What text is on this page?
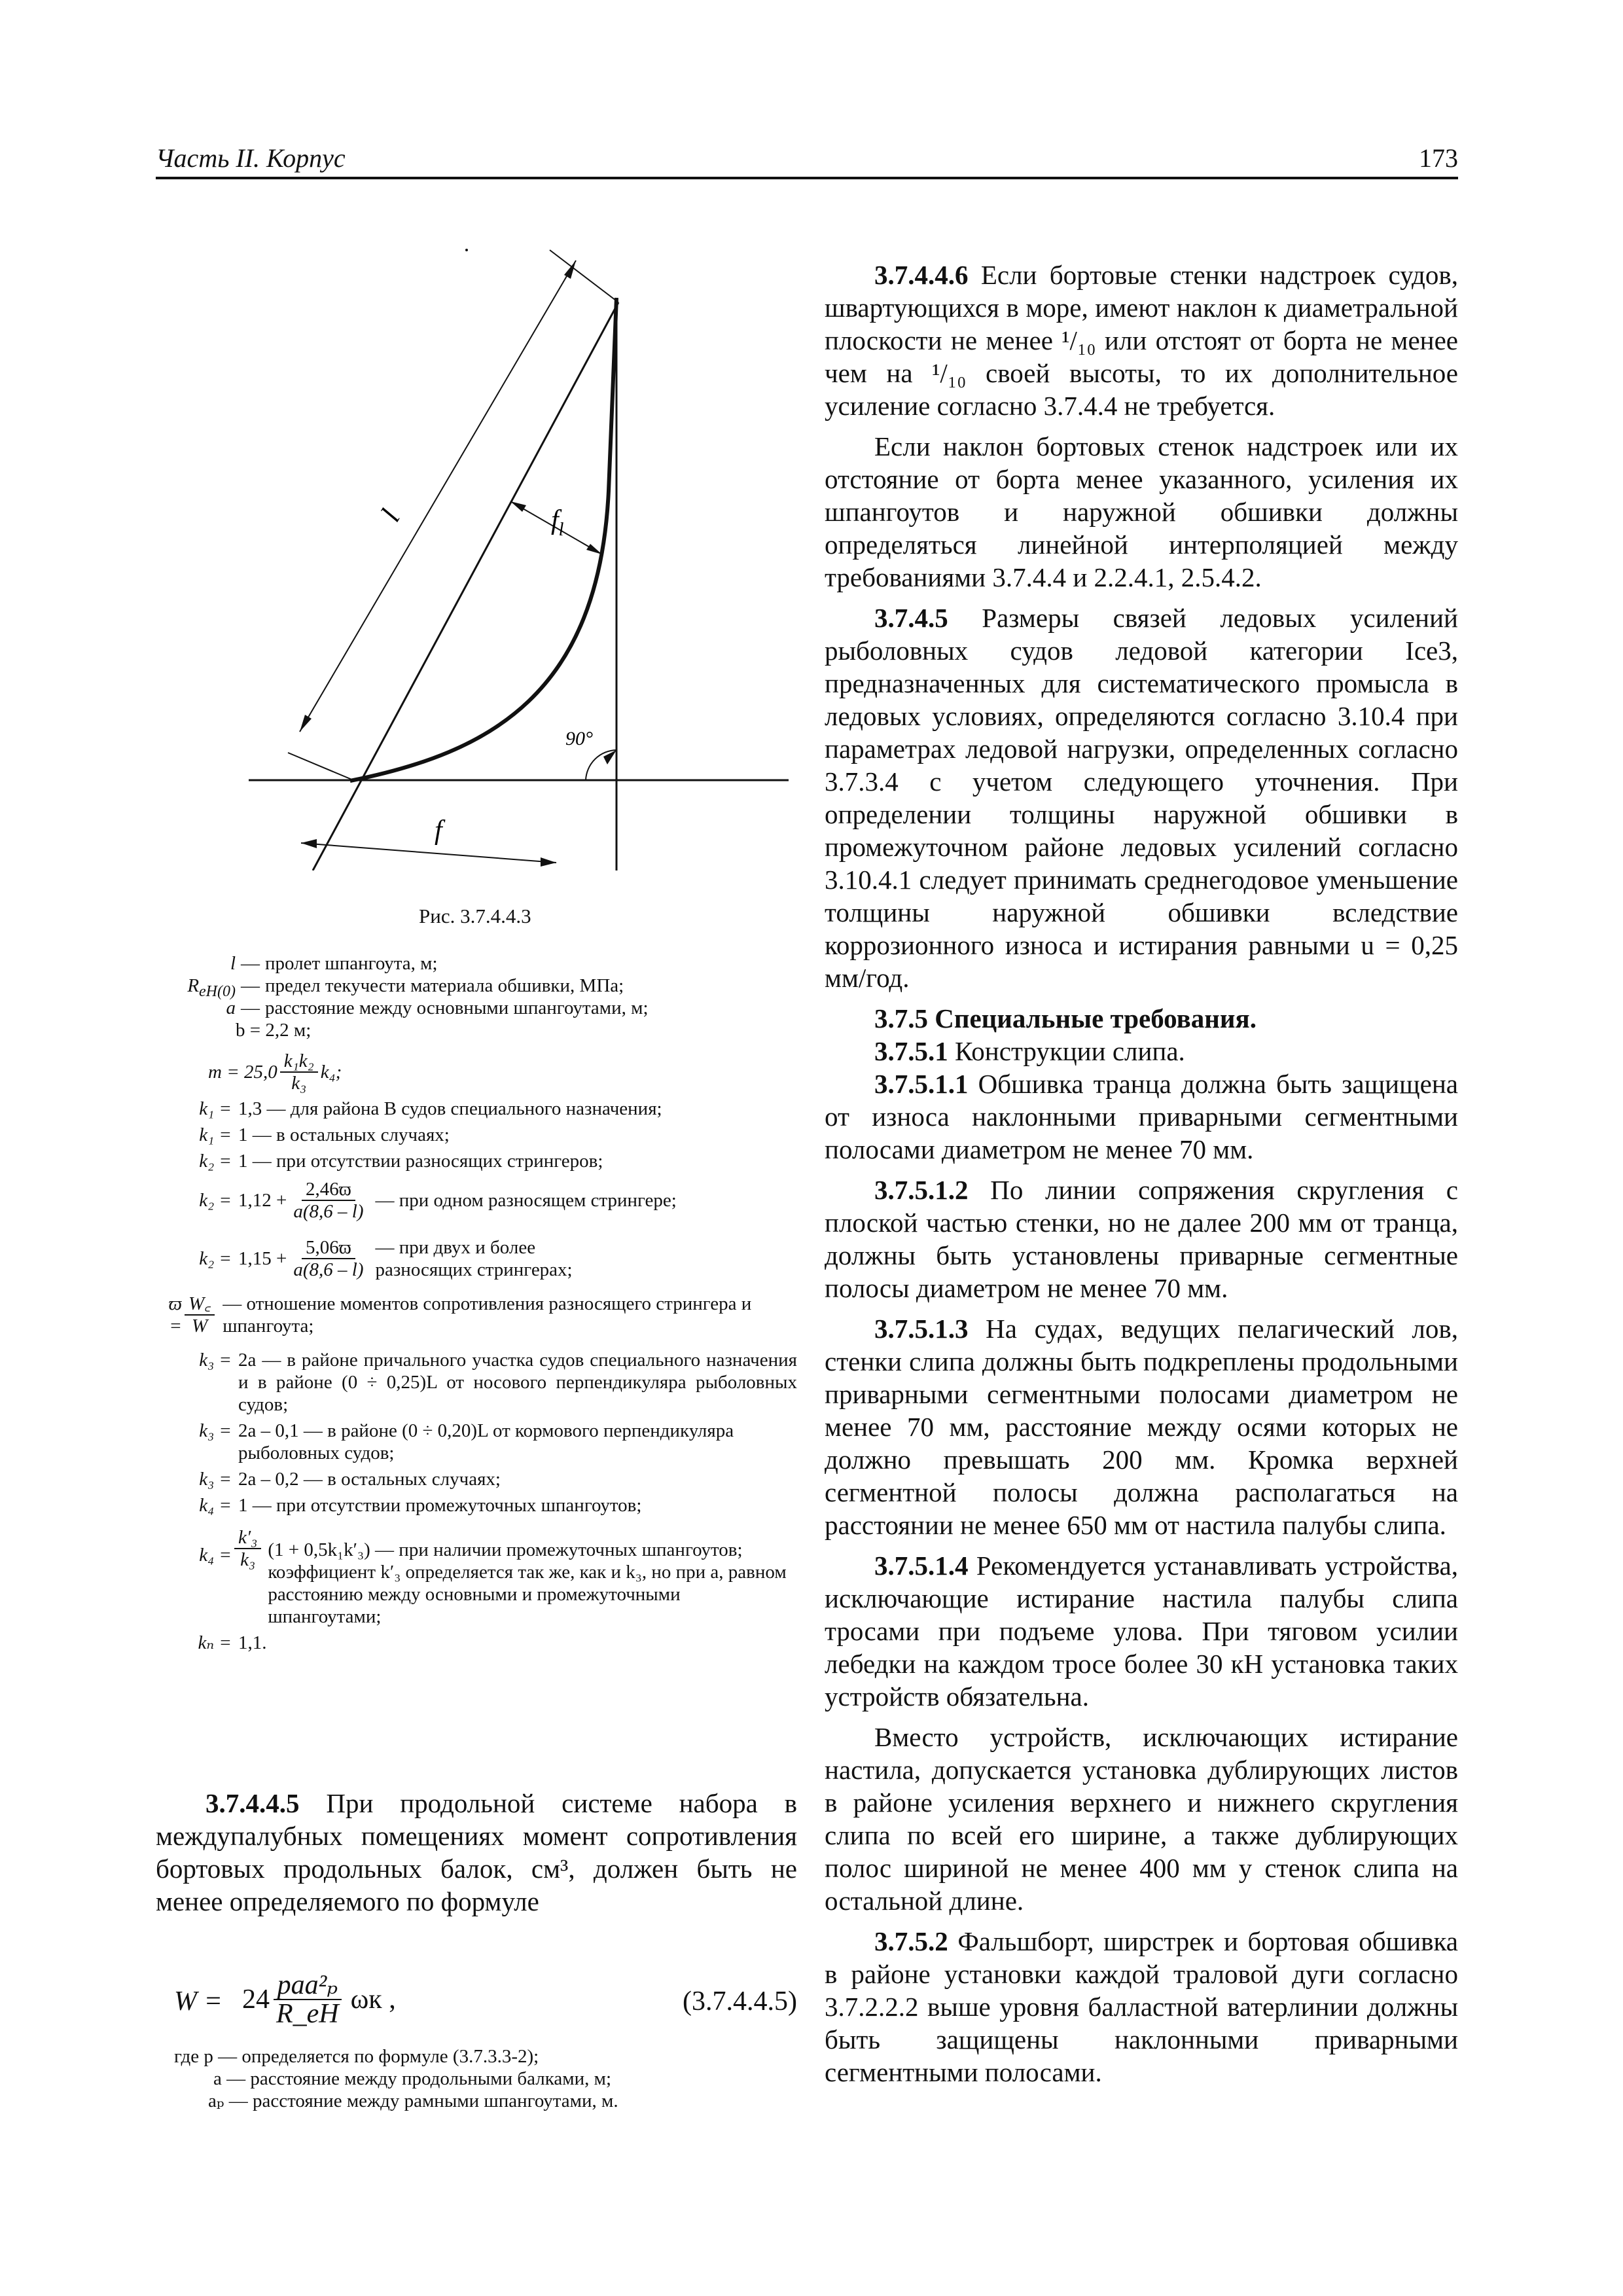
Часть II. Корпус	173
l	$f_l$
90°
f
Рис. 3.7.4.4.3
l — пролет шпангоута, м;
$R_{eH(0)}$ — предел текучести материала обшивки, МПа;
a — расстояние между основными шпангоутами, м;
b = 2,2 м;
$m = 25,0 \frac{\text{k₁k₂}}{\text{k₃}} k_4$;
k₁ = 1,3 — для района В судов специального назначения;
k₁ = 1 — в остальных случаях;
k₂ = 1 — при отсутствии разносящих стрингеров;
$k_2 = 1,12 + \frac{2,46ϖ}{a(8,6 - l)}$ — при одном разносящем стрингере;
$k_2 = 1,15 + \frac{5,06ϖ}{a(8,6 - l)}$ — при двух и более разносящих стрингерах;
$ϖ = \frac{W꜀}{W}$ — отношение моментов сопротивления разносящего стрингера и шпангоута;
k₃ = 2a — в районе причального участка судов специального назначения и в районе (0 ÷ 0,25)L от носового перпендикуляра рыболовных судов;
k₃ = 2a – 0,1 — в районе (0 ÷ 0,20)L от кормового перпендикуляра рыболовных судов;
k₃ = 2a – 0,2 — в остальных случаях;
k₄ = 1 — при отсутствии промежуточных шпангоутов;
$k_4 = \frac{\text{k′₃}}{\text{k₃}} (1 + 0,5k_1k'_3)$ — при наличии промежуточных шпангоутов; коэффициент k′₃ определяется так же, как и k₃, но при a, равном расстоянию между основными и промежуточными шпангоутами;
kₙ = 1,1.

3.7.4.4.5 При продольной системе набора в междупалубных помещениях момент сопротивления бортовых продольных балок, см³, должен быть не менее определяемого по формуле

$W = 24 \frac{\text{paa²ₚ}}{R\_eH}$ ωк ,	(3.7.4.4.5)
где p — определяется по формуле (3.7.3.3-2);
a — расстояние между продольными балками, м;
aₚ — расстояние между рамными шпангоутами, м.

3.7.4.4.6 Если бортовые стенки надстроек судов, швартующихся в море, имеют наклон к диаметральной плоскости не менее ¹/₁₀ или отстоят от борта не менее чем на ¹/₁₀ своей высоты, то их дополнительное усиление согласно 3.7.4.4 не требуется.

Если наклон бортовых стенок надстроек или их отстояние от борта менее указанного, усиления их шпангоутов и наружной обшивки должны определяться линейной интерполяцией между требованиями 3.7.4.4 и 2.2.4.1, 2.5.4.2.

3.7.4.5 Размеры связей ледовых усилений рыболовных судов ледовой категории Ice3, предназначенных для систематического промысла в ледовых условиях, определяются согласно 3.10.4 при параметрах ледовой нагрузки, определенных согласно 3.7.3.4 с учетом следующего уточнения. При определении толщины наружной обшивки в промежуточном районе ледовых усилений согласно 3.10.4.1 следует принимать среднегодовое уменьшение толщины наружной обшивки вследствие коррозионного износа и истирания равными u = 0,25 мм/год.

3.7.5 Специальные требования.

3.7.5.1 Конструкции слипа.

3.7.5.1.1 Обшивка транца должна быть защищена от износа наклонными приварными сегментными полосами диаметром не менее 70 мм.

3.7.5.1.2 По линии сопряжения скругления с плоской частью стенки, но не далее 200 мм от транца, должны быть установлены приварные сегментные полосы диаметром не менее 70 мм.

3.7.5.1.3 На судах, ведущих пелагический лов, стенки слипа должны быть подкреплены продольными приварными сегментными полосами диаметром не менее 70 мм, расстояние между осями которых не должно превышать 200 мм. Кромка верхней сегментной полосы должна располагаться на расстоянии не менее 650 мм от настила палубы слипа.

3.7.5.1.4 Рекомендуется устанавливать устройства, исключающие истирание настила палубы слипа тросами при подъеме улова. При тяговом усилии лебедки на каждом тросе более 30 кН установка таких устройств обязательна.

Вместо устройств, исключающих истирание настила, допускается установка дублирующих листов в районе усиления верхнего и нижнего скругления слипа по всей его ширине, а также дублирующих полос шириной не менее 400 мм у стенок слипа на остальной длине.

3.7.5.2 Фальшборт, ширстрек и бортовая обшивка в районе установки каждой траловой дуги согласно 3.7.2.2.2 выше уровня балластной ватерлинии должны быть защищены наклонными приварными сегментными полосами.
